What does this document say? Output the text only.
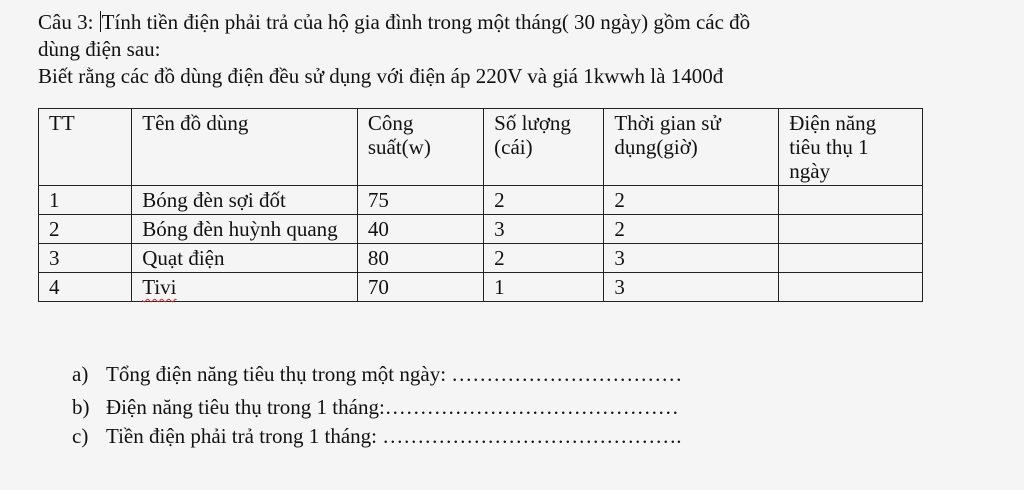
Câu 3: Tính tiền điện phải trả của hộ gia đình trong một tháng( 30 ngày) gồm các đồ
dùng điện sau:
Biết rằng các đồ dùng điện đều sử dụng với điện áp 220V và giá 1kwwh là 1400đ
TT	Tên đồ dùng	Công suất(w)	Số lượng (cái)	Thời gian sử dụng(giờ)	Điện năng tiêu thụ 1 ngày
1	Bóng đèn sợi đốt	75	2	2	
2	Bóng đèn huỳnh quang	40	3	2	
3	Quạt điện	80	2	3	
4	Tivi	70	1	3	
a) Tổng điện năng tiêu thụ trong một ngày: ……………………………
b) Điện năng tiêu thụ trong 1 tháng:……………………………………
c) Tiền điện phải trả trong 1 tháng: …………………………………….
